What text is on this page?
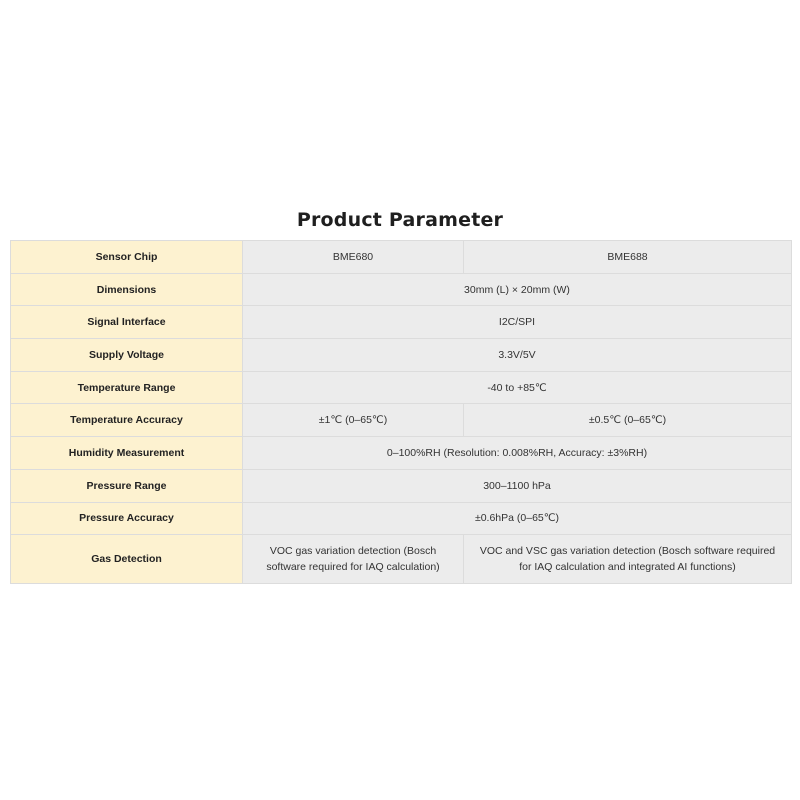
Product Parameter
Sensor Chip	BME680	BME688
Dimensions	30mm (L) × 20mm (W)	
Signal Interface	I2C/SPI	
Supply Voltage	3.3V/5V	
Temperature Range	-40 to +85℃	
Temperature Accuracy	±1℃ (0–65℃)	±0.5℃ (0–65℃)
Humidity Measurement	0–100%RH (Resolution: 0.008%RH, Accuracy: ±3%RH)	
Pressure Range	300–1100 hPa	
Pressure Accuracy	±0.6hPa (0–65℃)	
Gas Detection	VOC gas variation detection (Bosch software required for IAQ calculation)	VOC and VSC gas variation detection (Bosch software required for IAQ calculation and integrated AI functions)
